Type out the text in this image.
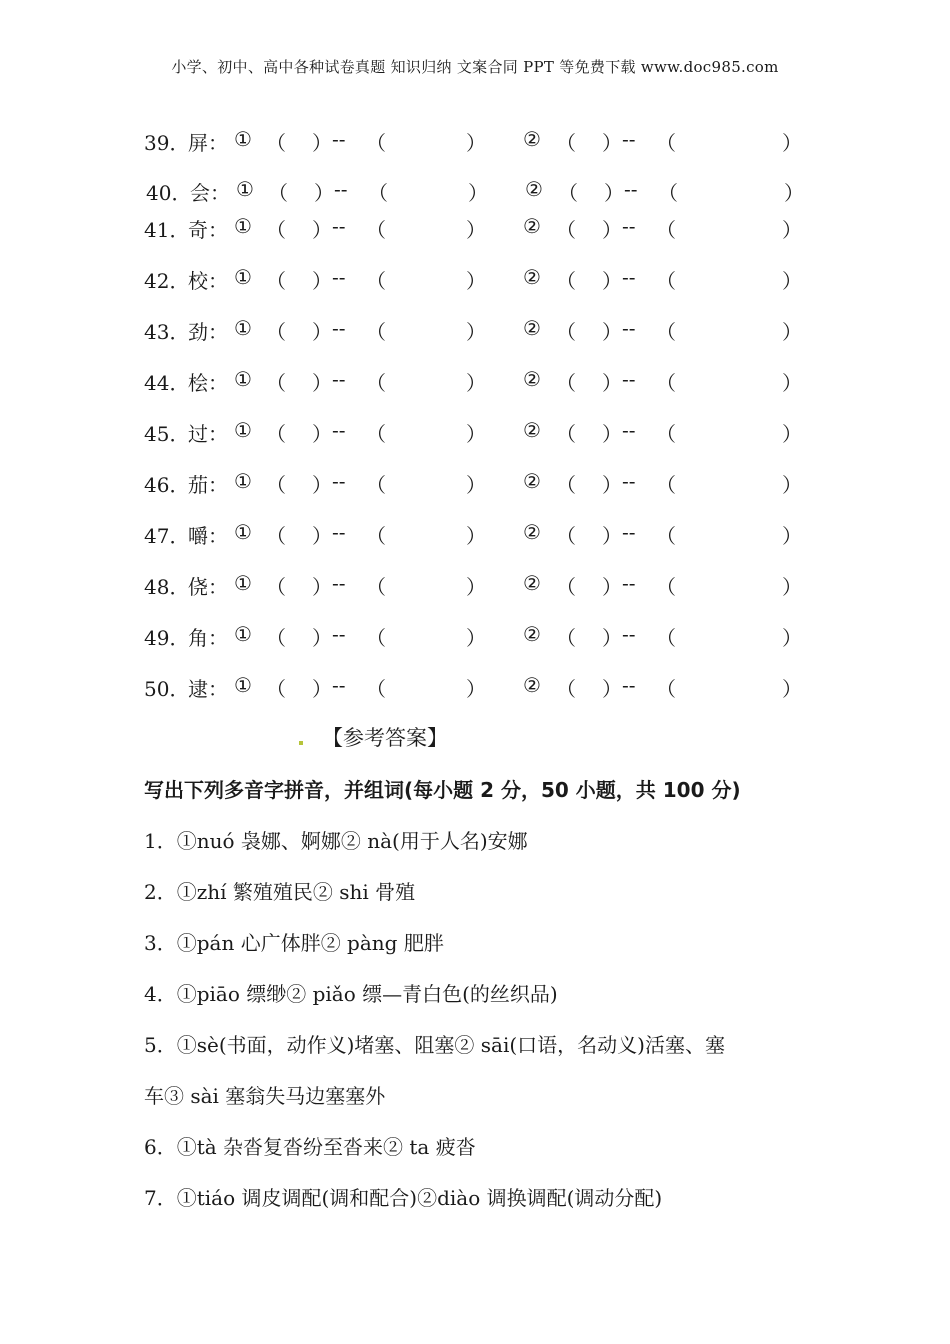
小学、初中、高中各种试卷真题 知识归纳 文案合同 PPT 等免费下载 www.doc985.com
39．
屏： ① （ ） -- （	） ② （ ） -- （	）
40．
会： ① （ ） -- （	） ② （ ） -- （	）
41．
奇： ① （ ） -- （	） ② （ ） -- （	）
42．
校： ① （ ） -- （	） ② （ ） -- （	）
43．
劲： ① （ ） -- （	） ② （ ） -- （	）
44．
桧： ① （ ） -- （	） ② （ ） -- （	）
45．
过： ① （ ） -- （	） ② （ ） -- （	）
46．
茄： ① （ ） -- （	） ② （ ） -- （	）
47．
嚼： ① （ ） -- （	） ② （ ） -- （	）
48．
侥： ① （ ） -- （	） ② （ ） -- （	）
49．
角： ① （ ） -- （	） ② （ ） -- （	）
50．
逮： ① （ ） -- （	） ② （ ） -- （	）
【参考答案】
写出下列多音字拼音，并组词(每小题 2 分，50 小题，共 100 分)
1．①nuó 袅娜、婀娜② nà(用于人名)安娜
2．①zhí 繁殖殖民② shi 骨殖
3．①pán 心广体胖② pàng 肥胖
4．①piāo 缥缈② piǎo 缥—青白色(的丝织品)
5．①sè(书面，动作义)堵塞、阻塞② sāi(口语，名动义)活塞、塞
车③ sài 塞翁失马边塞塞外
6．①tà 杂沓复沓纷至沓来② ta 疲沓
7．①tiáo 调皮调配(调和配合)②diào 调换调配(调动分配)
